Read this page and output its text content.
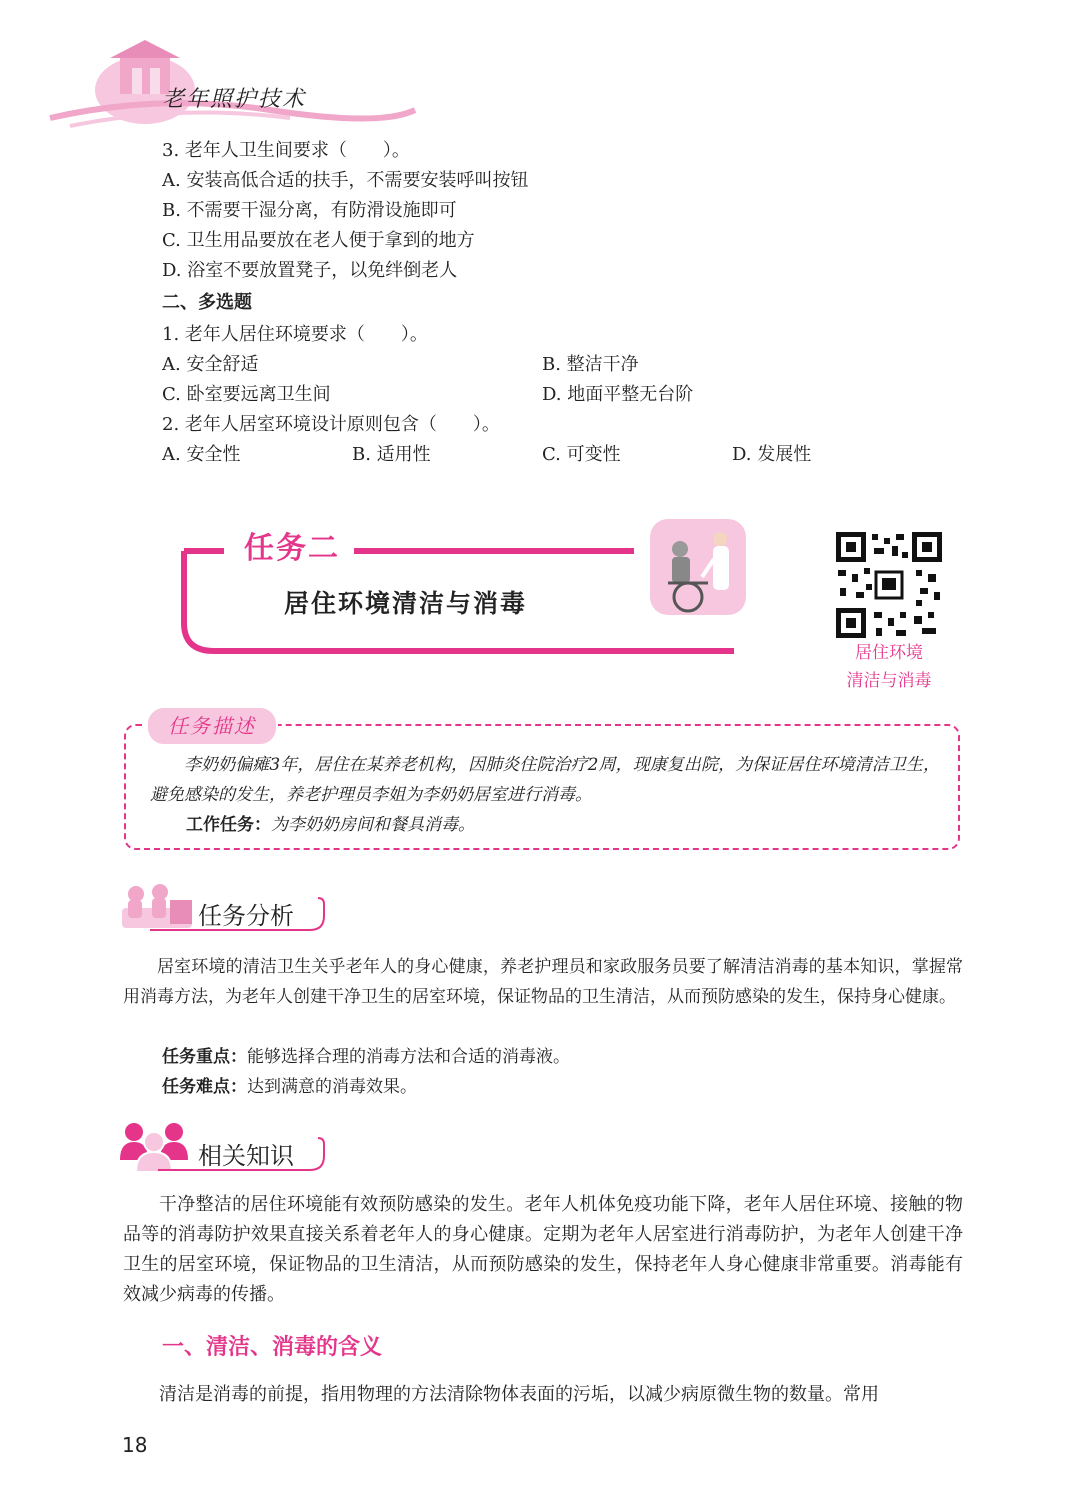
老年照护技术
3. 老年人卫生间要求（　　）。
A. 安装高低合适的扶手，不需要安装呼叫按钮
B. 不需要干湿分离，有防滑设施即可
C. 卫生用品要放在老人便于拿到的地方
D. 浴室不要放置凳子，以免绊倒老人
二、多选题
1. 老年人居住环境要求（　　）。
A. 安全舒适	B. 整洁干净
C. 卧室要远离卫生间	D. 地面平整无台阶
2. 老年人居室环境设计原则包含（　　）。
A. 安全性	B. 适用性	C. 可变性	D. 发展性
任务二
居住环境清洁与消毒
居住环境
清洁与消毒
任务描述
李奶奶偏瘫3年，居住在某养老机构，因肺炎住院治疗2周，现康复出院，为保证居住环境清洁卫生，避免感染的发生，养老护理员李姐为李奶奶居室进行消毒。
工作任务：为李奶奶房间和餐具消毒。
任务分析
居室环境的清洁卫生关乎老年人的身心健康，养老护理员和家政服务员要了解清洁消毒的基本知识，掌握常用消毒方法，为老年人创建干净卫生的居室环境，保证物品的卫生清洁，从而预防感染的发生，保持身心健康。
任务重点：能够选择合理的消毒方法和合适的消毒液。
任务难点：达到满意的消毒效果。
相关知识
干净整洁的居住环境能有效预防感染的发生。老年人机体免疫功能下降，老年人居住环境、接触的物品等的消毒防护效果直接关系着老年人的身心健康。定期为老年人居室进行消毒防护，为老年人创建干净卫生的居室环境，保证物品的卫生清洁，从而预防感染的发生，保持老年人身心健康非常重要。消毒能有效减少病毒的传播。
一、清洁、消毒的含义
清洁是消毒的前提，指用物理的方法清除物体表面的污垢，以减少病原微生物的数量。常用
18
